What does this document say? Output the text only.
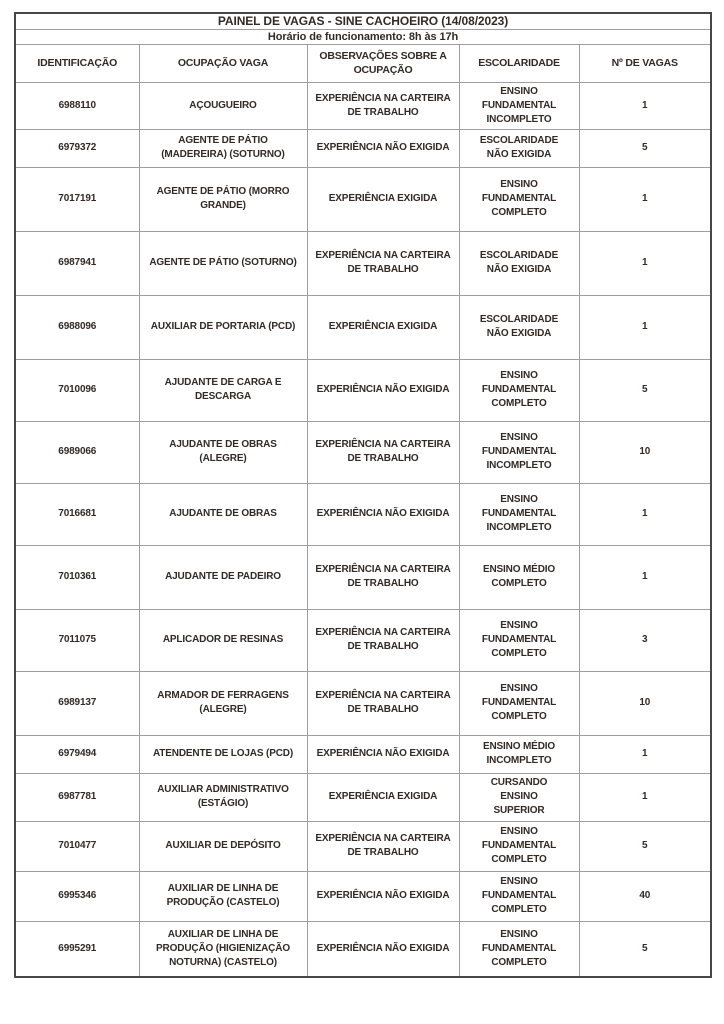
PAINEL DE VAGAS - SINE CACHOEIRO (14/08/2023)				
Horário de funcionamento: 8h às 17h				
IDENTIFICAÇÃO	OCUPAÇÃO VAGA	OBSERVAÇÕES SOBRE A OCUPAÇÃO	ESCOLARIDADE	Nº DE VAGAS
6988110	AÇOUGUEIRO	EXPERIÊNCIA NA CARTEIRA DE TRABALHO	ENSINO FUNDAMENTAL INCOMPLETO	1
6979372	AGENTE DE PÁTIO (MADEREIRA) (SOTURNO)	EXPERIÊNCIA NÃO EXIGIDA	ESCOLARIDADE NÃO EXIGIDA	5
7017191	AGENTE DE PÁTIO (MORRO GRANDE)	EXPERIÊNCIA EXIGIDA	ENSINO FUNDAMENTAL COMPLETO	1
6987941	AGENTE DE PÁTIO (SOTURNO)	EXPERIÊNCIA NA CARTEIRA DE TRABALHO	ESCOLARIDADE NÃO EXIGIDA	1
6988096	AUXILIAR DE PORTARIA (PCD)	EXPERIÊNCIA EXIGIDA	ESCOLARIDADE NÃO EXIGIDA	1
7010096	AJUDANTE DE CARGA E DESCARGA	EXPERIÊNCIA NÃO EXIGIDA	ENSINO FUNDAMENTAL COMPLETO	5
6989066	AJUDANTE DE OBRAS (ALEGRE)	EXPERIÊNCIA NA CARTEIRA DE TRABALHO	ENSINO FUNDAMENTAL INCOMPLETO	10
7016681	AJUDANTE DE OBRAS	EXPERIÊNCIA NÃO EXIGIDA	ENSINO FUNDAMENTAL INCOMPLETO	1
7010361	AJUDANTE DE PADEIRO	EXPERIÊNCIA NA CARTEIRA DE TRABALHO	ENSINO MÉDIO COMPLETO	1
7011075	APLICADOR DE RESINAS	EXPERIÊNCIA NA CARTEIRA DE TRABALHO	ENSINO FUNDAMENTAL COMPLETO	3
6989137	ARMADOR DE FERRAGENS (ALEGRE)	EXPERIÊNCIA NA CARTEIRA DE TRABALHO	ENSINO FUNDAMENTAL COMPLETO	10
6979494	ATENDENTE DE LOJAS (PCD)	EXPERIÊNCIA NÃO EXIGIDA	ENSINO MÉDIO INCOMPLETO	1
6987781	AUXILIAR ADMINISTRATIVO (ESTÁGIO)	EXPERIÊNCIA EXIGIDA	CURSANDO ENSINO SUPERIOR	1
7010477	AUXILIAR DE DEPÓSITO	EXPERIÊNCIA NA CARTEIRA DE TRABALHO	ENSINO FUNDAMENTAL COMPLETO	5
6995346	AUXILIAR DE LINHA DE PRODUÇÃO (CASTELO)	EXPERIÊNCIA NÃO EXIGIDA	ENSINO FUNDAMENTAL COMPLETO	40
6995291	AUXILIAR DE LINHA DE PRODUÇÃO (HIGIENIZAÇÃO NOTURNA) (CASTELO)	EXPERIÊNCIA NÃO EXIGIDA	ENSINO FUNDAMENTAL COMPLETO	5
